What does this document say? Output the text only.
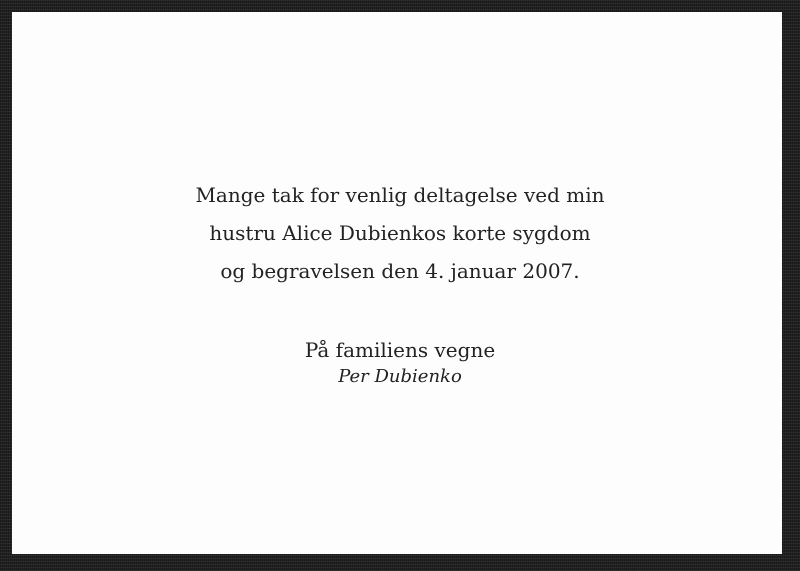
Mange tak for venlig deltagelse ved min

hustru Alice Dubienkos korte sygdom

og begravelsen den 4. januar 2007.

På familiens vegne

Per Dubienko
